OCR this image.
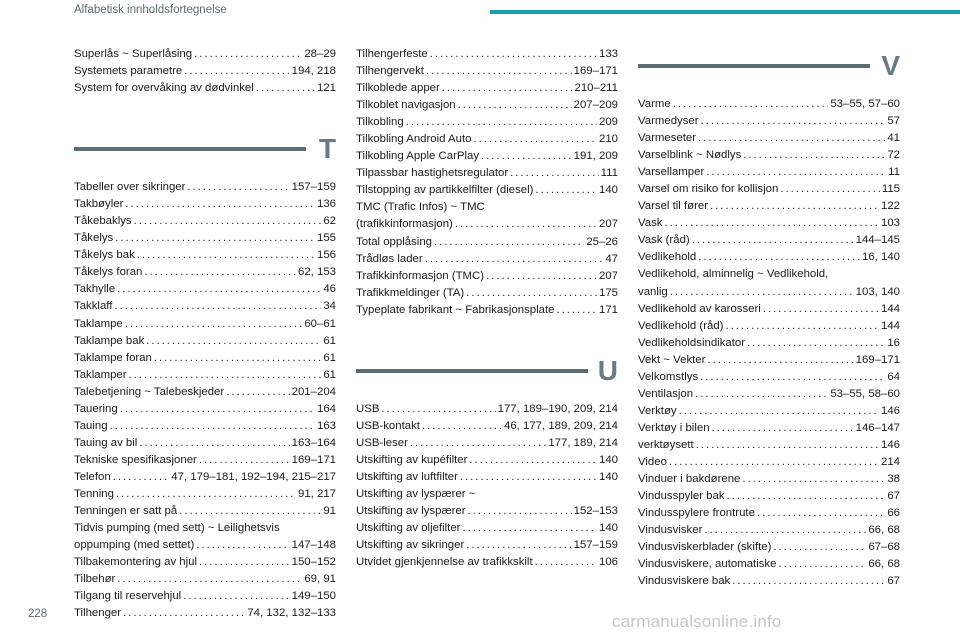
Alfabetisk innholdsfortegnelse
Superlås ~ Superlåsing . . .	28–29
Systemets parametre . . .	194, 218
System for overvåking av dødvinkel . . .	121
T
Tabeller over sikringer . . .	157–159
Takbøyler . . .	136
Tåkebaklys . . .	62
Tåkelys . . .	155
Tåkelys bak . . .	156
Tåkelys foran . . .	62, 153
Takhylle . . .	46
Takklaff . . .	34
Taklampe . . .	60–61
Taklampe bak . . .	61
Taklampe foran . . .	61
Taklamper . . .	61
Talebetjening ~ Talebeskjeder . . .	201–204
Tauering . . .	164
Tauing . . .	163
Tauing av bil . . .	163–164
Tekniske spesifikasjoner . . .	169–171
Telefon . . .	47, 179–181, 192–194, 215–217
Tenning . . .	91, 217
Tenningen er satt på . . .	91
Tidvis pumping (med sett) ~ Leilighetsvis
oppumping (med settet) . . .	147–148
Tilbakemontering av hjul . . .	150–152
Tilbehør . . .	69, 91
Tilgang til reservehjul . . .	149–150
Tilhenger . . .	74, 132, 132–133
Tilhengerfeste . . .	133
Tilhengervekt . . .	169–171
Tilkoblede apper . . .	210–211
Tilkoblet navigasjon . . .	207–209
Tilkobling . . .	209
Tilkobling Android Auto . . .	210
Tilkobling Apple CarPlay . . .	191, 209
Tilpassbar hastighetsregulator . . .	111
Tilstopping av partikkelfilter (diesel) . . .	140
TMC (Trafic Infos) ~ TMC
(trafikkinformasjon) . . .	207
Total opplåsing . . .	25–26
Trådløs lader . . .	47
Trafikkinformasjon (TMC) . . .	207
Trafikkmeldinger (TA) . . .	175
Typeplate fabrikant ~ Fabrikasjonsplate . . .	171
U
USB . . .	177, 189–190, 209, 214
USB-kontakt . . .	46, 177, 189, 209, 214
USB-leser . . .	177, 189, 214
Utskifting av kupéfilter . . .	140
Utskifting av luftfilter . . .	140
Utskifting av lyspærer ~
Utskifting av lyspærer . . .	152–153
Utskifting av oljefilter . . .	140
Utskifting av sikringer . . .	157–159
Utvidet gjenkjennelse av trafikkskilt . . .	106
V
Varme . . .	53–55, 57–60
Varmedyser . . .	57
Varmeseter . . .	41
Varselblink ~ Nødlys . . .	72
Varsellamper . . .	11
Varsel om risiko for kollisjon . . .	115
Varsel til fører . . .	122
Vask . . .	103
Vask (råd) . . .	144–145
Vedlikehold . . .	16, 140
Vedlikehold, alminnelig ~ Vedlikehold,
vanlig . . .	103, 140
Vedlikehold av karosseri . . .	144
Vedlikehold (råd) . . .	144
Vedlikeholdsindikator . . .	16
Vekt ~ Vekter . . .	169–171
Velkomstlys . . .	64
Ventilasjon . . .	53–55, 58–60
Verktøy . . .	146
Verktøy i bilen . . .	146–147
verktøysett . . .	146
Video . . .	214
Vinduer i bakdørene . . .	38
Vindusspyler bak . . .	67
Vindusspylere frontrute . . .	66
Vindusvisker . . .	66, 68
Vindusviskerblader (skifte) . . .	67–68
Vindusviskere, automatiske . . .	66, 68
Vindusviskere bak . . .	67
228	carmanualsonline.info
